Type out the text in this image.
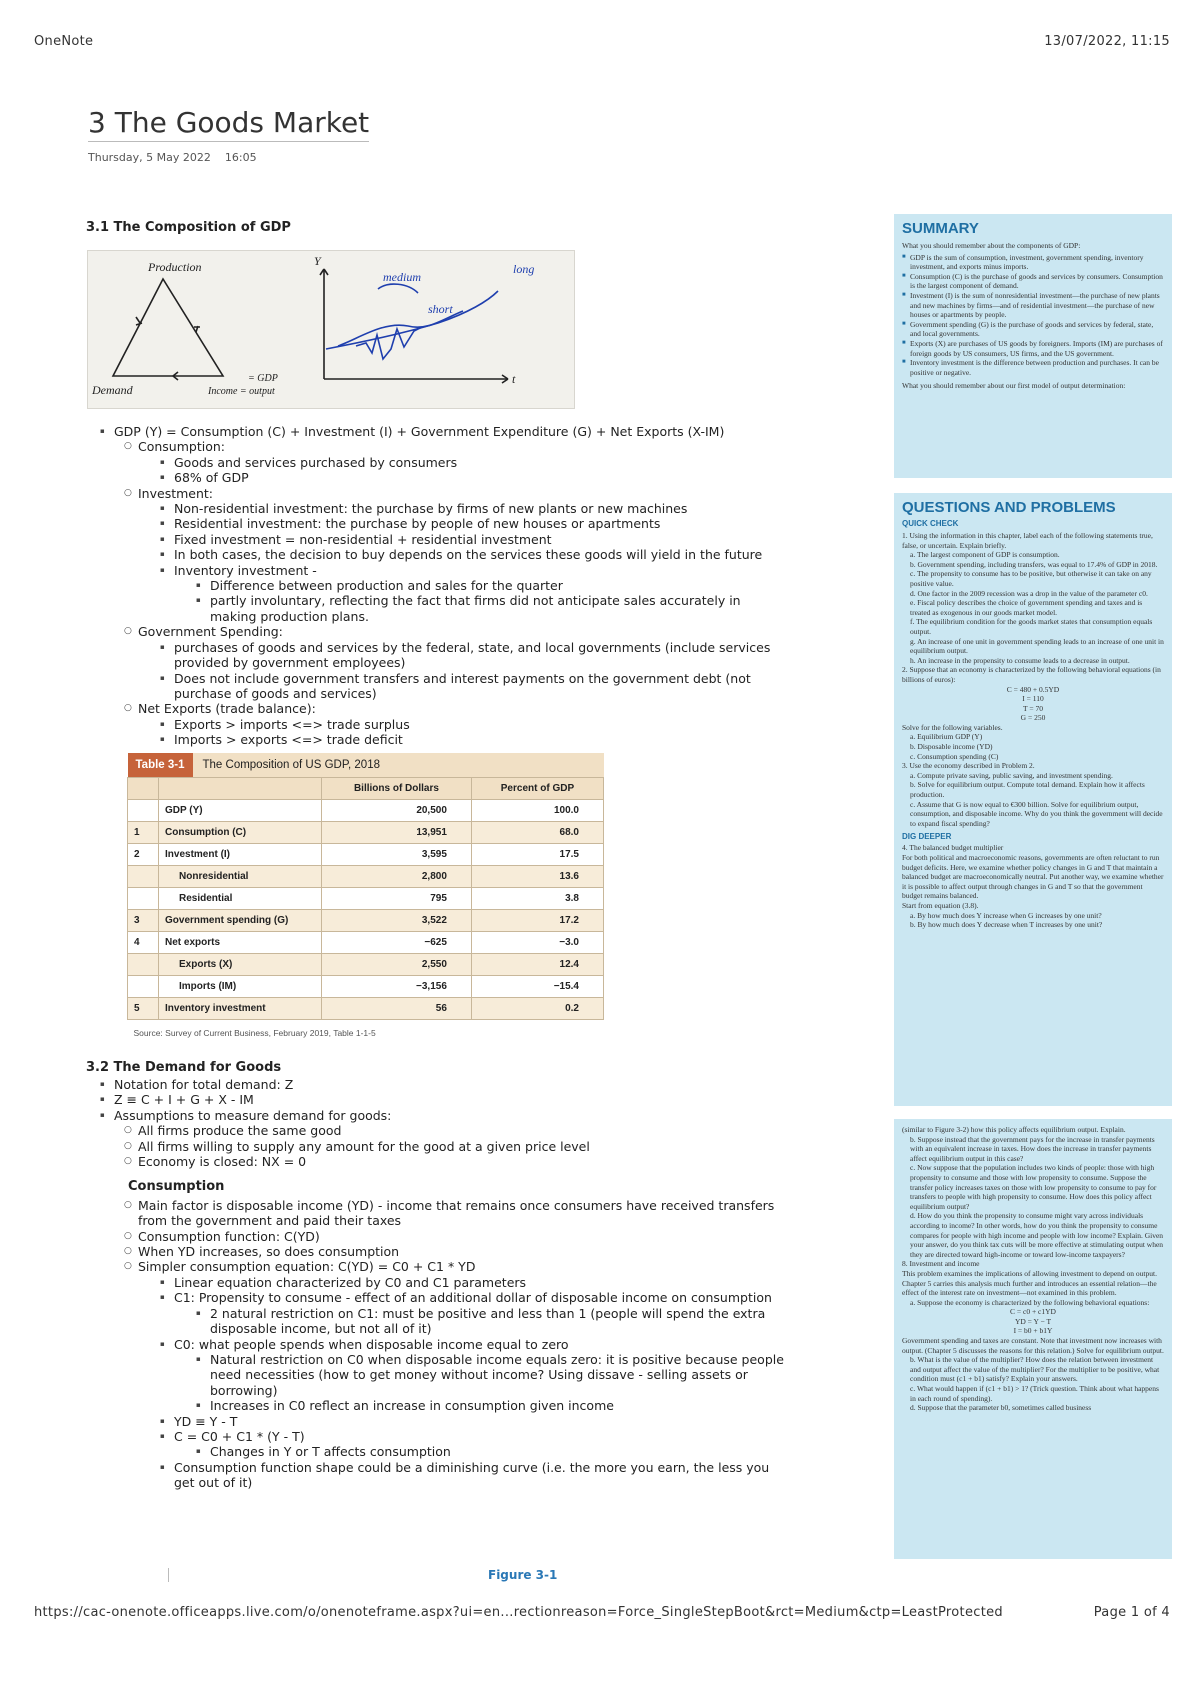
OneNote	13/07/2022, 11:15
3 The Goods Market
Thursday, 5 May 2022 16:05
3.1 The Composition of GDP
Production
Demand	Income = output
= GDP
Y
long
medium
short
t
▪ GDP (Y) = Consumption (C) + Investment (I) + Government Expenditure (G) + Net Exports (X-IM)
○ Consumption:
▪ Goods and services purchased by consumers
▪ 68% of GDP
○ Investment:
▪ Non-residential investment: the purchase by firms of new plants or new machines
▪ Residential investment: the purchase by people of new houses or apartments
▪ Fixed investment = non-residential + residential investment
▪ In both cases, the decision to buy depends on the services these goods will yield in the future
▪ Inventory investment -
▪ Difference between production and sales for the quarter
▪ partly involuntary, reflecting the fact that firms did not anticipate sales accurately in making production plans.
○ Government Spending:
▪ purchases of goods and services by the federal, state, and local governments (include services provided by government employees)
▪ Does not include government transfers and interest payments on the government debt (not purchase of goods and services)
○ Net Exports (trade balance):
▪ Exports > imports <=> trade surplus
▪ Imports > exports <=> trade deficit
Table 3-1 The Composition of US GDP, 2018			
		Billions of Dollars	Percent of GDP
	GDP (Y)	20,500	100.0
1	Consumption (C)	13,951	68.0
2	Investment (I)	3,595	17.5
	Nonresidential	2,800	13.6
	Residential	795	3.8
3	Government spending (G)	3,522	17.2
4	Net exports	−625	−3.0
	Exports (X)	2,550	12.4
	Imports (IM)	−3,156	−15.4
5	Inventory investment	56	0.2
Source: Survey of Current Business, February 2019, Table 1-1-5			
3.2 The Demand for Goods
▪ Notation for total demand: Z
▪ Z ≡ C + I + G + X - IM
▪ Assumptions to measure demand for goods:
○ All firms produce the same good
○ All firms willing to supply any amount for the good at a given price level
○ Economy is closed: NX = 0
Consumption
○ Main factor is disposable income (YD) - income that remains once consumers have received transfers from the government and paid their taxes
○ Consumption function: C(YD)
○ When YD increases, so does consumption
○ Simpler consumption equation: C(YD) = C0 + C1 * YD
▪ Linear equation characterized by C0 and C1 parameters
▪ C1: Propensity to consume - effect of an additional dollar of disposable income on consumption
▪ 2 natural restriction on C1: must be positive and less than 1 (people will spend the extra disposable income, but not all of it)
▪ C0: what people spends when disposable income equal to zero
▪ Natural restriction on C0 when disposable income equals zero: it is positive because people need necessities (how to get money without income? Using dissave - selling assets or borrowing)
▪ Increases in C0 reflect an increase in consumption given income
▪ YD ≡ Y - T
▪ C = C0 + C1 * (Y - T)
▪ Changes in Y or T affects consumption
▪ Consumption function shape could be a diminishing curve (i.e. the more you earn, the less you get out of it)
Figure 3-1
SUMMARY
What you should remember about the components of GDP:
■ GDP is the sum of consumption, investment, government spending, inventory investment, and exports minus imports.
■ Consumption (C) is the purchase of goods and services by consumers. Consumption is the largest component of demand.
■ Investment (I) is the sum of nonresidential investment—the purchase of new plants and new machines by firms—and of residential investment—the purchase of new houses or apartments by people.
■ Government spending (G) is the purchase of goods and services by federal, state, and local governments.
■ Exports (X) are purchases of US goods by foreigners. Imports (IM) are purchases of foreign goods by US consumers, US firms, and the US government.
■ Inventory investment is the difference between production and purchases. It can be positive or negative.
What you should remember about our first model of output determination:
QUESTIONS AND PROBLEMS
QUICK CHECK
1. Using the information in this chapter, label each of the following statements true, false, or uncertain. Explain briefly.
a. The largest component of GDP is consumption.
b. Government spending, including transfers, was equal to 17.4% of GDP in 2018.
c. The propensity to consume has to be positive, but otherwise it can take on any positive value.
d. One factor in the 2009 recession was a drop in the value of the parameter c0.
e. Fiscal policy describes the choice of government spending and taxes and is treated as exogenous in our goods market model.
f. The equilibrium condition for the goods market states that consumption equals output.
g. An increase of one unit in government spending leads to an increase of one unit in equilibrium output.
h. An increase in the propensity to consume leads to a decrease in output.
2. Suppose that an economy is characterized by the following behavioral equations (in billions of euros):
C = 480 + 0.5YD
I = 110
T = 70
G = 250
Solve for the following variables.
a. Equilibrium GDP (Y)
b. Disposable income (YD)
c. Consumption spending (C)
3. Use the economy described in Problem 2.
a. Compute private saving, public saving, and investment spending.
b. Solve for equilibrium output. Compute total demand. Explain how it affects production.
c. Assume that G is now equal to €300 billion. Solve for equilibrium output, consumption, and disposable income. Why do you think the government will decide to expand fiscal spending?
DIG DEEPER
4. The balanced budget multiplier
For both political and macroeconomic reasons, governments are often reluctant to run budget deficits. Here, we examine whether policy changes in G and T that maintain a balanced budget are macroeconomically neutral. Put another way, we examine whether it is possible to affect output through changes in G and T so that the government budget remains balanced.
Start from equation (3.8).
a. By how much does Y increase when G increases by one unit?
b. By how much does Y decrease when T increases by one unit?
(similar to Figure 3-2) how this policy affects equilibrium output. Explain.
b. Suppose instead that the government pays for the increase in transfer payments with an equivalent increase in taxes. How does the increase in transfer payments affect equilibrium output in this case?
c. Now suppose that the population includes two kinds of people: those with high propensity to consume and those with low propensity to consume. Suppose the transfer policy increases taxes on those with low propensity to consume to pay for transfers to people with high propensity to consume. How does this policy affect equilibrium output?
d. How do you think the propensity to consume might vary across individuals according to income? In other words, how do you think the propensity to consume compares for people with high income and people with low income? Explain. Given your answer, do you think tax cuts will be more effective at stimulating output when they are directed toward high-income or toward low-income taxpayers?
8. Investment and income
This problem examines the implications of allowing investment to depend on output. Chapter 5 carries this analysis much further and introduces an essential relation—the effect of the interest rate on investment—not examined in this problem.
a. Suppose the economy is characterized by the following behavioral equations:
C = c0 + c1YD
YD = Y − T
I = b0 + b1Y
Government spending and taxes are constant. Note that investment now increases with output. (Chapter 5 discusses the reasons for this relation.) Solve for equilibrium output.
b. What is the value of the multiplier? How does the relation between investment and output affect the value of the multiplier? For the multiplier to be positive, what condition must (c1 + b1) satisfy? Explain your answers.
c. What would happen if (c1 + b1) > 1? (Trick question. Think about what happens in each round of spending).
d. Suppose that the parameter b0, sometimes called business
https://cac-onenote.officeapps.live.com/o/onenoteframe.aspx?ui=en...rectionreason=Force_SingleStepBoot&rct=Medium&ctp=LeastProtected	Page 1 of 4
